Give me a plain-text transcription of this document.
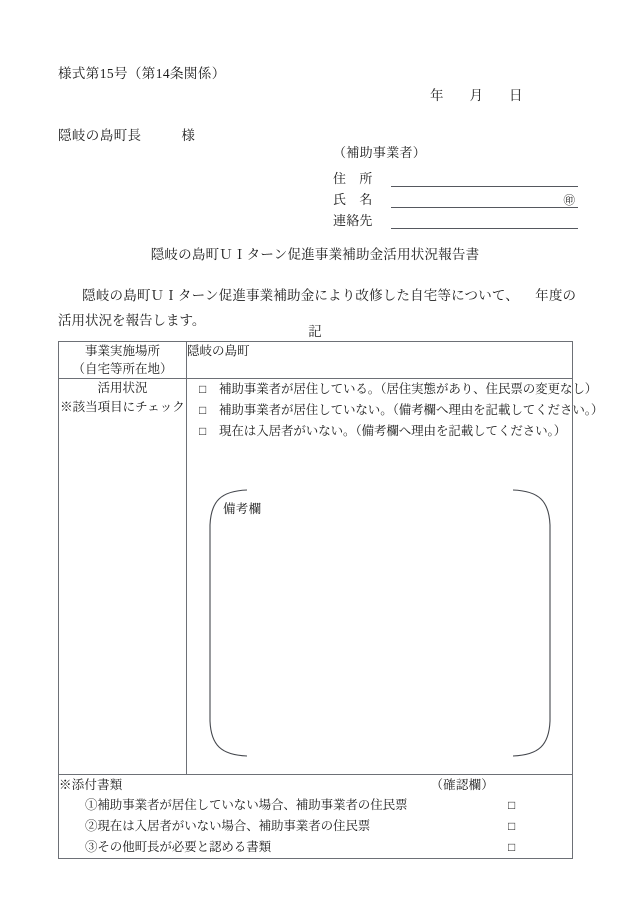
様式第15号（第14条関係）
年 月 日
隠岐の島町長	様
（補助事業者）
住　所
氏　名	㊞
連絡先
隠岐の島町ＵＩターン促進事業補助金活用状況報告書
隠岐の島町ＵＩターン促進事業補助金により改修した自宅等について、 年度の活用状況を報告します。
記
事業実施場所
（自宅等所在地）	隠岐の島町

活用状況
※該当項目にチェック

□	補助事業者が居住している。（居住実態があり、住民票の変更なし）
□	補助事業者が居住していない。（備考欄へ理由を記載してください。）
□	現在は入居者がいない。（備考欄へ理由を記載してください。）
備考欄

※添付書類	（確認欄）
①補助事業者が居住していない場合、補助事業者の住民票	□
②現在は入居者がいない場合、補助事業者の住民票	□
③その他町長が必要と認める書類	□
